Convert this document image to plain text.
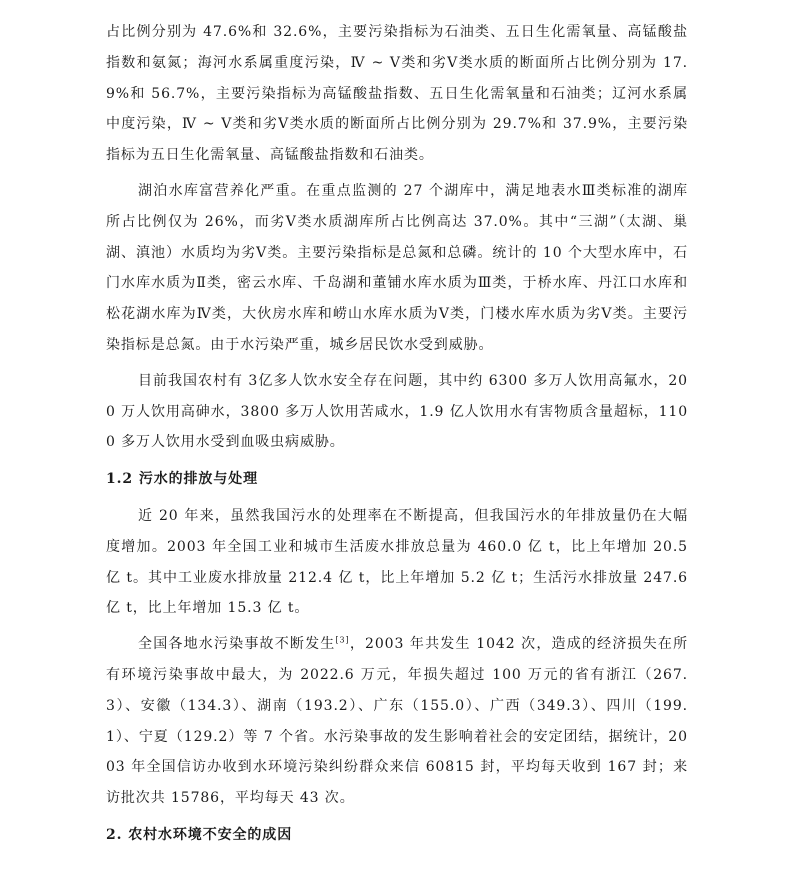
占比例分别为 47.6%和 32.6%，主要污染指标为石油类、五日生化需氧量、高锰酸盐指数和氨氮；海河水系属重度污染，Ⅳ ~ Ⅴ类和劣Ⅴ类水质的断面所占比例分别为 17.9%和 56.7%，主要污染指标为高锰酸盐指数、五日生化需氧量和石油类；辽河水系属中度污染，Ⅳ ~ Ⅴ类和劣Ⅴ类水质的断面所占比例分别为 29.7%和 37.9%，主要污染指标为五日生化需氧量、高锰酸盐指数和石油类。

湖泊水库富营养化严重。在重点监测的 27 个湖库中，满足地表水Ⅲ类标准的湖库所占比例仅为 26%，而劣Ⅴ类水质湖库所占比例高达 37.0%。其中“三湖”（太湖、巢湖、滇池）水质均为劣Ⅴ类。主要污染指标是总氮和总磷。统计的 10 个大型水库中，石门水库水质为Ⅱ类，密云水库、千岛湖和董铺水库水质为Ⅲ类，于桥水库、丹江口水库和松花湖水库为Ⅳ类，大伙房水库和崂山水库水质为Ⅴ类，门楼水库水质为劣Ⅴ类。主要污染指标是总氮。由于水污染严重，城乡居民饮水受到威胁。

目前我国农村有 3亿多人饮水安全存在问题，其中约 6300 多万人饮用高氟水，200 万人饮用高砷水，3800 多万人饮用苦咸水，1.9 亿人饮用水有害物质含量超标，1100 多万人饮用水受到血吸虫病威胁。

1.2 污水的排放与处理

近 20 年来，虽然我国污水的处理率在不断提高，但我国污水的年排放量仍在大幅度增加。2003 年全国工业和城市生活废水排放总量为 460.0 亿 t，比上年增加 20.5 亿 t。其中工业废水排放量 212.4 亿 t，比上年增加 5.2 亿 t；生活污水排放量 247.6 亿 t，比上年增加 15.3 亿 t。

全国各地水污染事故不断发生[3]，2003 年共发生 1042 次，造成的经济损失在所有环境污染事故中最大，为 2022.6 万元，年损失超过 100 万元的省有浙江（267.3）、安徽（134.3）、湖南（193.2）、广东（155.0）、广西（349.3）、四川（199.1）、宁夏（129.2）等 7 个省。水污染事故的发生影响着社会的安定团结，据统计，2003 年全国信访办收到水环境污染纠纷群众来信 60815 封，平均每天收到 167 封；来访批次共 15786，平均每天 43 次。

2. 农村水环境不安全的成因
